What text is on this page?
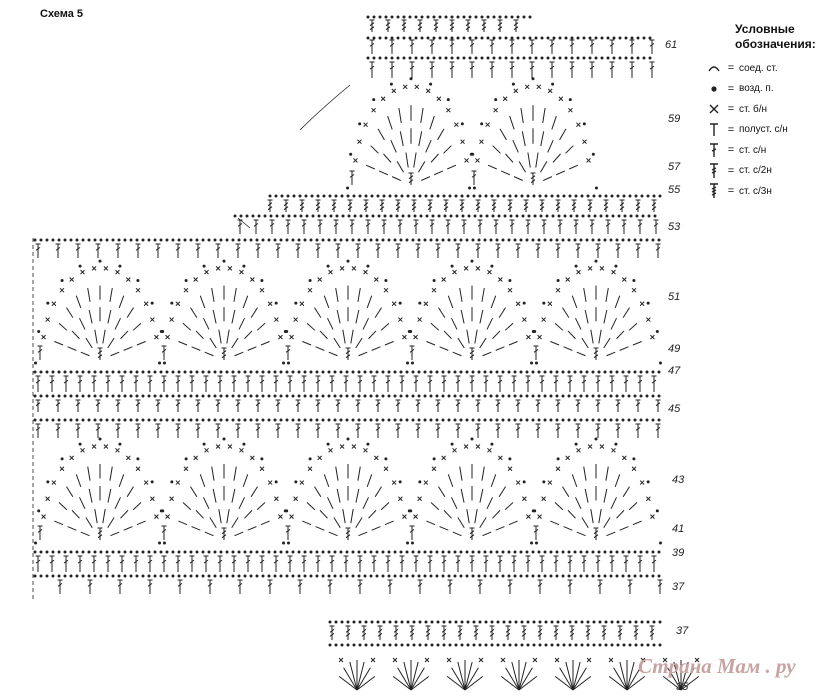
Схема 5
61
59
57
55
53
51
49
47
45
43
41
39
37
37
35
Условные
обозначения:
= соед. ст.
= возд. п.
= ст. б/н
= полуст. с/н
= ст. с/н
= ст. с/2н
= ст. с/3н
Страна Мам . ру
